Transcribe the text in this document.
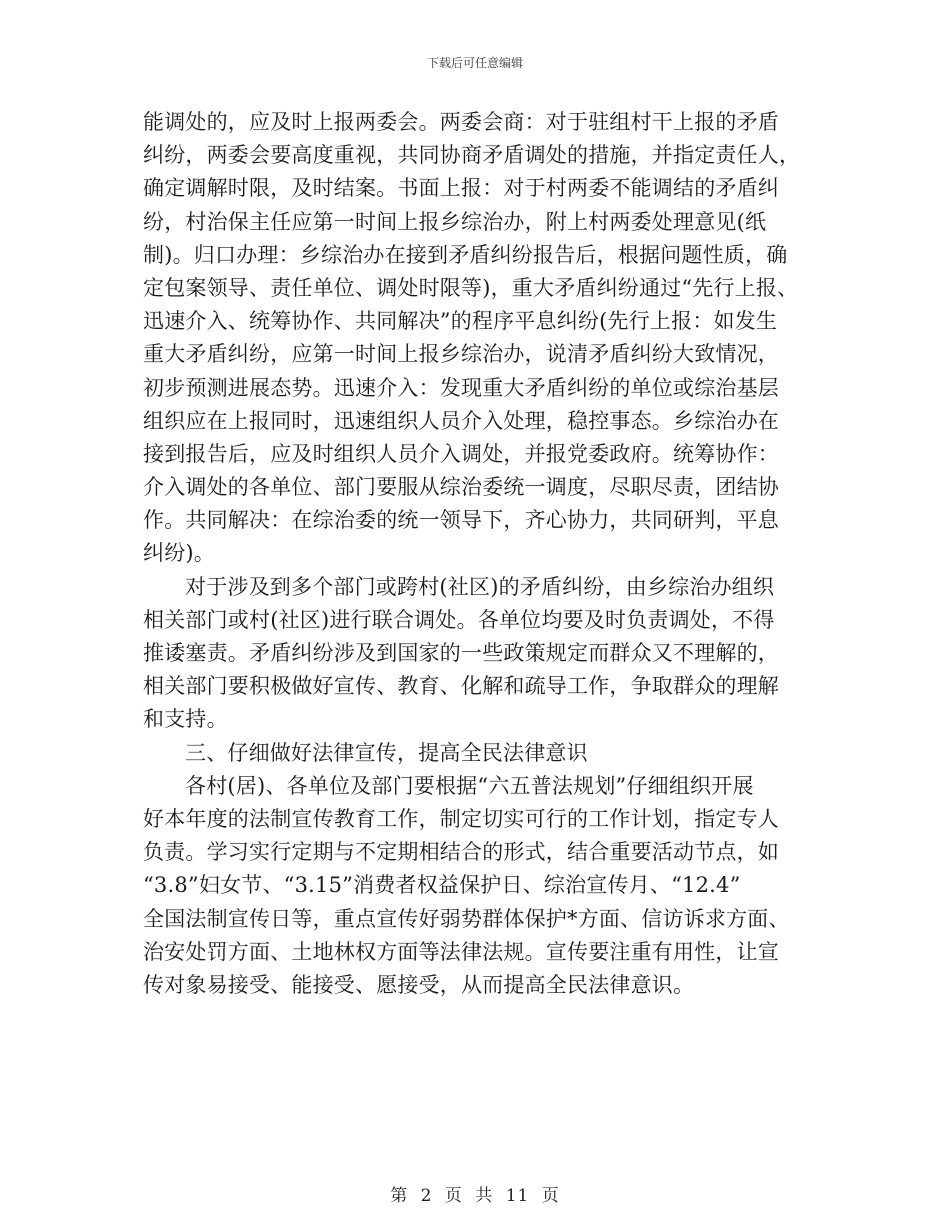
下载后可任意编辑
能调处的，应及时上报两委会。两委会商：对于驻组村干上报的矛盾
纠纷，两委会要高度重视，共同协商矛盾调处的措施，并指定责任人，
确定调解时限，及时结案。书面上报：对于村两委不能调结的矛盾纠
纷，村治保主任应第一时间上报乡综治办，附上村两委处理意见(纸
制)。归口办理：乡综治办在接到矛盾纠纷报告后，根据问题性质，确
定包案领导、责任单位、调处时限等)，重大矛盾纠纷通过“先行上报、
迅速介入、统筹协作、共同解决”的程序平息纠纷(先行上报：如发生
重大矛盾纠纷，应第一时间上报乡综治办，说清矛盾纠纷大致情况，
初步预测进展态势。迅速介入：发现重大矛盾纠纷的单位或综治基层
组织应在上报同时，迅速组织人员介入处理，稳控事态。乡综治办在
接到报告后，应及时组织人员介入调处，并报党委政府。统筹协作：
介入调处的各单位、部门要服从综治委统一调度，尽职尽责，团结协
作。共同解决：在综治委的统一领导下，齐心协力，共同研判，平息
纠纷)。
对于涉及到多个部门或跨村(社区)的矛盾纠纷，由乡综治办组织
相关部门或村(社区)进行联合调处。各单位均要及时负责调处，不得
推诿塞责。矛盾纠纷涉及到国家的一些政策规定而群众又不理解的，
相关部门要积极做好宣传、教育、化解和疏导工作，争取群众的理解
和支持。
三、仔细做好法律宣传，提高全民法律意识
各村(居)、各单位及部门要根据“六五普法规划”仔细组织开展
好本年度的法制宣传教育工作，制定切实可行的工作计划，指定专人
负责。学习实行定期与不定期相结合的形式，结合重要活动节点，如
“3.8”妇女节、“3.15”消费者权益保护日、综治宣传月、“12.4”
全国法制宣传日等，重点宣传好弱势群体保护*方面、信访诉求方面、
治安处罚方面、土地林权方面等法律法规。宣传要注重有用性，让宣
传对象易接受、能接受、愿接受，从而提高全民法律意识。
第 2 页 共 11 页
